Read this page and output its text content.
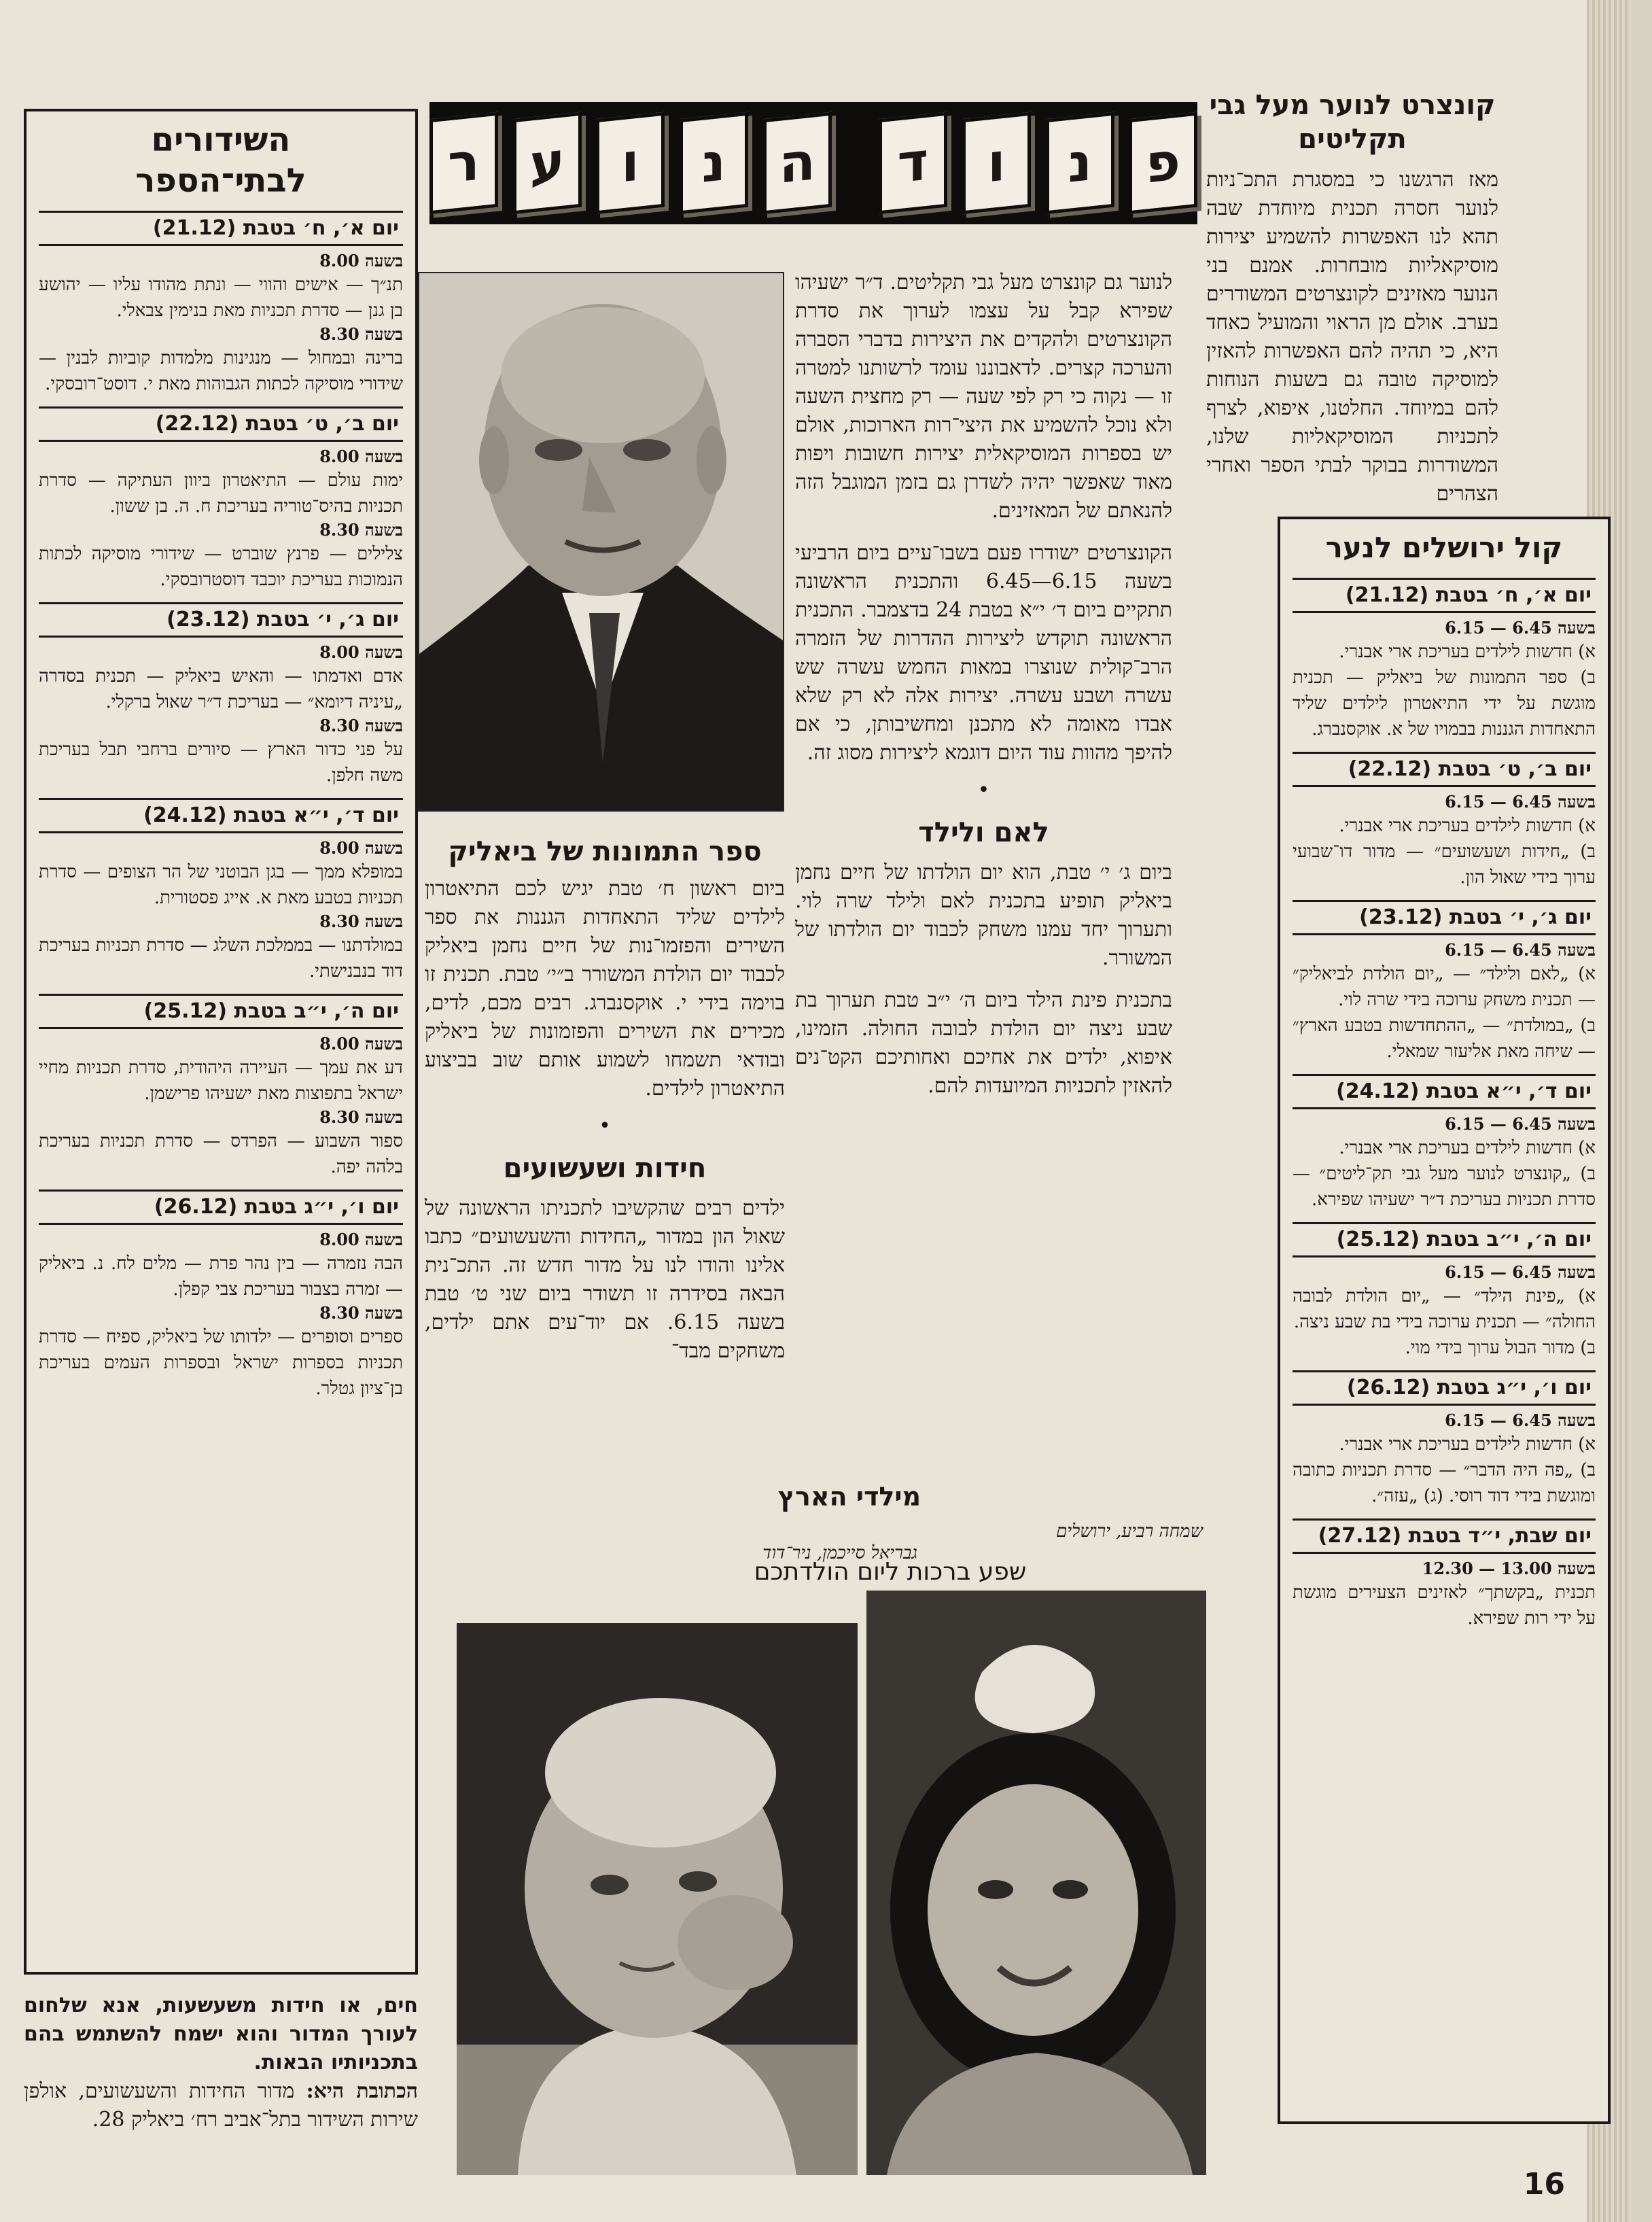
פ
נ
ו
ד
ה
נ
ו
ע
ר
קונצרט לנוער מעל גבי
תקליטים
מאז הרגשנו כי במסגרת התכ־ניות לנוער חסרה תכנית מיוחדת שבה תהא לנו האפשרות להשמיע יצירות מוסיקאליות מובחרות. אמנם בני הנוער מאזינים לקונצרטים המשודרים בערב. אולם מן הראוי והמועיל כאחד היא, כי תהיה להם האפשרות להאזין למוסיקה טובה גם בשעות הנוחות להם במיוחד. החלטנו, איפוא, לצרף לתכניות המוסיקאליות שלנו, המשודרות בבוקר לבתי הספר ואחרי הצהרים
קול ירושלים לנער
יום א׳, ח׳ בטבת (21.12)
בשעה 6.45 — 6.15
א) חדשות לילדים בעריכת ארי אבנרי.
ב) ספר התמונות של ביאליק — תכנית מוגשת על ידי התיאטרון לילדים שליד התאחדות הגננות בבמויו של א. אוקסנברג.
יום ב׳, ט׳ בטבת (22.12)
בשעה 6.45 — 6.15
א) חדשות לילדים בעריכת ארי אבנרי.
ב) „חידות ושעשועים״ — מדור דו־שבועי ערוך בידי שאול הון.
יום ג׳, י׳ בטבת (23.12)
בשעה 6.45 — 6.15
א) „לאם ולילד״ — „יום הולדת לביאליק״ — תכנית משחק ערוכה בידי שרה לוי.
ב) „במולדת״ — „ההתחדשות בטבע הארץ״ — שיחה מאת אליעזר שמאלי.
יום ד׳, י״א בטבת (24.12)
בשעה 6.45 — 6.15
א) חדשות לילדים בעריכת ארי אבנרי.
ב) „קונצרט לנוער מעל גבי תק־ליטים״ — סדרת תכניות בעריכת ד״ר ישעיהו שפירא.
יום ה׳, י״ב בטבת (25.12)
בשעה 6.45 — 6.15
א) „פינת הילד״ — „יום הולדת לבובה החולה״ — תכנית ערוכה בידי בת שבע ניצה.
ב) מדור הבול ערוך בידי מוי.
יום ו׳, י״ג בטבת (26.12)
בשעה 6.45 — 6.15
א) חדשות לילדים בעריכת ארי אבנרי.
ב) „פה היה הדבר״ — סדרת תכניות כתובה ומוגשת בידי דוד רוסי. (ג) „עזה״.
יום שבת, י״ד בטבת (27.12)
בשעה 13.00 — 12.30
תכנית „בקשתך״ לאזינים הצעירים מוגשת על ידי רות שפירא.
השידורים
לבתי־הספר
יום א׳, ח׳ בטבת (21.12)
בשעה 8.00
תנ״ך — אישים והווי — ונתת מהודו עליו — יהושע בן גנן — סדרת תכניות מאת בנימין צבאלי.
בשעה 8.30
ברינה ובמחול — מנגינות מלמדות קוביות לבנין — שידורי מוסיקה לכתות הגבוהות מאת י. דוסט־רובסקי.
יום ב׳, ט׳ בטבת (22.12)
בשעה 8.00
ימות עולם — התיאטרון ביוון העתיקה — סדרת תכניות בהיס־טוריה בעריכת ח. ה. בן ששון.
בשעה 8.30
צלילים — פרנץ שוברט — שידורי מוסיקה לכתות הנמוכות בעריכת יוכבד דוסטרובסקי.
יום ג׳, י׳ בטבת (23.12)
בשעה 8.00
אדם ואדמתו — והאיש ביאליק — תכנית בסדרה „עיניה דיומא״ — בעריכת ד״ר שאול ברקלי.
בשעה 8.30
על פני כדור הארץ — סיורים ברחבי תבל בעריכת משה חלפן.
יום ד׳, י״א בטבת (24.12)
בשעה 8.00
במופלא ממך — בגן הבוטני של הר הצופים — סדרת תכניות בטבע מאת א. אייג פסטורית.
בשעה 8.30
במולדתנו — בממלכת השלג — סדרת תכניות בעריכת דוד בנבנישתי.
יום ה׳, י״ב בטבת (25.12)
בשעה 8.00
דע את עמך — העיירה היהודית, סדרת תכניות מחיי ישראל בתפוצות מאת ישעיהו פרישמן.
בשעה 8.30
ספור השבוע — הפרדס — סדרת תכניות בעריכת בלהה יפה.
יום ו׳, י״ג בטבת (26.12)
בשעה 8.00
הבה נזמרה — בין נהר פרת — מלים לח. נ. ביאליק — זמרה בצבור בעריכת צבי קפלן.
בשעה 8.30
ספרים וסופרים — ילדותו של ביאליק, ספיח — סדרת תכניות בספרות ישראל ובספרות העמים בעריכת בן־ציון גטלר.
חים, או חידות משעשעות, אנא שלחום לעורך המדור והוא ישמח להשתמש בהם בתכניותיו הבאות.
הכתובת היא: מדור החידות והשעשועים, אולפן שירות השידור בתל־אביב רח׳ ביאליק 28.
לנוער גם קונצרט מעל גבי תקליטים. ד״ר ישעיהו שפירא קבל על עצמו לערוך את סדרת הקונצרטים ולהקדים את היצירות בדברי הסברה והערכה קצרים. לדאבוננו עומד לרשותנו למטרה זו — נקוה כי רק לפי שעה — רק מחצית השעה ולא נוכל להשמיע את היצי־רות הארוכות, אולם יש בספרות המוסיקאלית יצירות חשובות ויפות מאוד שאפשר יהיה לשדרן גם בזמן המוגבל הזה להנאתם של המאזינים.
הקונצרטים ישודרו פעם בשבו־עיים ביום הרביעי בשעה 6.15—6.45 והתכנית הראשונה תתקיים ביום ד׳ י״א בטבת 24 בדצמבר. התכנית הראשונה תוקדש ליצירות ההדרות של הזמרה הרב־קולית שנוצרו במאות החמש עשרה שש עשרה ושבע עשרה. יצירות אלה לא רק שלא אבדו מאומה לא מתכנן ומחשיבותן, כי אם להיפך מהוות עוד היום דוגמא ליצירות מסוג זה.
•
לאם ולילד
ביום ג׳ י׳ טבת, הוא יום הולדתו של חיים נחמן ביאליק תופיע בתכנית לאם ולילד שרה לוי. ותערוך יחד עמנו משחק לכבוד יום הולדתו של המשורר.
בתכנית פינת הילד ביום ה׳ י״ב טבת תערוך בת שבע ניצה יום הולדת לבובה החולה. הזמינו, איפוא, ילדים את אחיכם ואחותיכם הקט־נים להאזין לתכניות המיועדות להם.
ספר התמונות של ביאליק
ביום ראשון ח׳ טבת יגיש לכם התיאטרון לילדים שליד התאחדות הגננות את ספר השירים והפזמו־נות של חיים נחמן ביאליק לכבוד יום הולדת המשורר ב״י׳ טבת. תכנית זו בוימה בידי י. אוקסנברג. רבים מכם, לדים, מכירים את השירים והפזמונות של ביאליק ובודאי תשמחו לשמוע אותם שוב בביצוע התיאטרון לילדים.
•
חידות ושעשועים
ילדים רבים שהקשיבו לתכניתו הראשונה של שאול הון במדור „החידות והשעשועים״ כתבו אלינו והודו לנו על מדור חדש זה. התכ־נית הבאה בסידרה זו תשודר ביום שני ט׳ טבת בשעה 6.15. אם יוד־עים אתם ילדים, משחקים מבד־
מילדי הארץ
שמחה רביע, ירושלים
גבריאל סייכמן, ניר־דוד
שפע ברכות ליום הולדתכם
16
